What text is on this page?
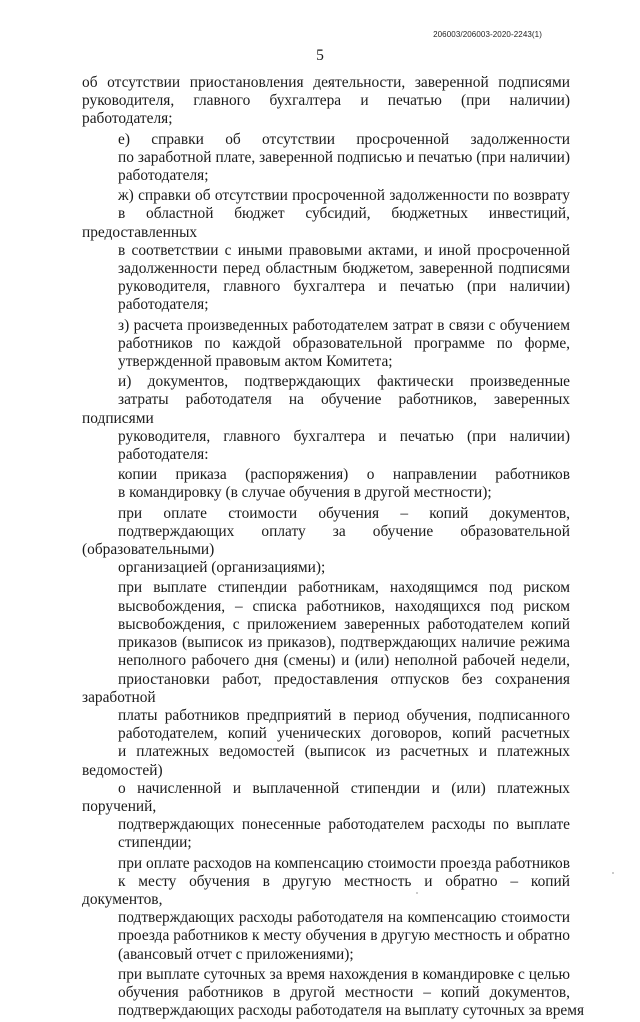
206003/206003-2020-2243(1)
5
об отсутствии приостановления деятельности, заверенной подписями
руководителя, главного бухгалтера и печатью (при наличии)
работодателя;
е) справки об отсутствии просроченной задолженности
по заработной плате, заверенной подписью и печатью (при наличии)
работодателя;
ж) справки об отсутствии просроченной задолженности по возврату
в областной бюджет субсидий, бюджетных инвестиций, предоставленных
в соответствии с иными правовыми актами, и иной просроченной
задолженности перед областным бюджетом, заверенной подписями
руководителя, главного бухгалтера и печатью (при наличии)
работодателя;
з) расчета произведенных работодателем затрат в связи с обучением
работников по каждой образовательной программе по форме,
утвержденной правовым актом Комитета;
и) документов, подтверждающих фактически произведенные
затраты работодателя на обучение работников, заверенных подписями
руководителя, главного бухгалтера и печатью (при наличии)
работодателя:
копии приказа (распоряжения) о направлении работников
в командировку (в случае обучения в другой местности);
при оплате стоимости обучения – копий документов,
подтверждающих оплату за обучение образовательной (образовательными)
организацией (организациями);
при выплате стипендии работникам, находящимся под риском
высвобождения, – списка работников, находящихся под риском
высвобождения, с приложением заверенных работодателем копий
приказов (выписок из приказов), подтверждающих наличие режима
неполного рабочего дня (смены) и (или) неполной рабочей недели,
приостановки работ, предоставления отпусков без сохранения заработной
платы работников предприятий в период обучения, подписанного
работодателем, копий ученических договоров, копий расчетных
и платежных ведомостей (выписок из расчетных и платежных ведомостей)
о начисленной и выплаченной стипендии и (или) платежных поручений,
подтверждающих понесенные работодателем расходы по выплате
стипендии;
при оплате расходов на компенсацию стоимости проезда работников
к месту обучения в другую местность и обратно – копий документов,
подтверждающих расходы работодателя на компенсацию стоимости
проезда работников к месту обучения в другую местность и обратно
(авансовый отчет с приложениями);
при выплате суточных за время нахождения в командировке с целью
обучения работников в другой местности – копий документов,
подтверждающих расходы работодателя на выплату суточных за время
